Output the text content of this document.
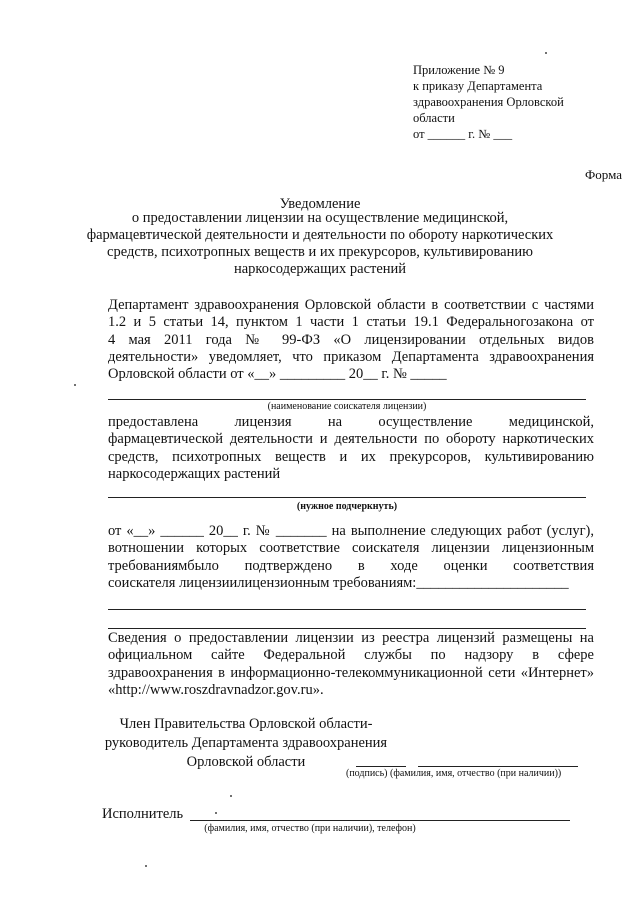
Приложение № 9
к приказу Департамента
здравоохранения Орловской
области
от ______ г. № ___
Форма
Уведомление
о предоставлении лицензии на осуществление медицинской,
фармацевтической деятельности и деятельности по обороту наркотических
средств, психотропных веществ и их прекурсоров, культивированию
наркосодержащих растений
Департамент здравоохранения Орловской области в соответствии с частями
1.2 и 5 статьи 14, пунктом 1 части 1 статьи 19.1 Федеральногозакона от
4 мая 2011 года № 99-ФЗ «О лицензировании отдельных видов
деятельности» уведомляет, что приказом Департамента здравоохранения
Орловской области от «__» _________ 20__ г. № _____
(наименование соискателя лицензии)
предоставлена лицензия на осуществление медицинской,
фармацевтической деятельности и деятельности по обороту наркотических
средств, психотропных веществ и их прекурсоров, культивированию
наркосодержащих растений
(нужное подчеркнуть)
от «__» ______ 20__ г. № _______ на выполнение следующих работ (услуг),
вотношении которых соответствие соискателя лицензии лицензионным
требованиямбыло подтверждено в ходе оценки соответствия
соискателя лицензиилицензионным требованиям:_____________________
Сведения о предоставлении лицензии из реестра лицензий размещены на
официальном сайте Федеральной службы по надзору в сфере
здравоохранения в информационно-телекоммуникационной сети «Интернет»
«http://www.roszdravnadzor.gov.ru».
Член Правительства Орловской области-
руководитель Департамента здравоохранения
Орловской области
(подпись) (фамилия, имя, отчество (при наличии))
Исполнитель
(фамилия, имя, отчество (при наличии), телефон)
